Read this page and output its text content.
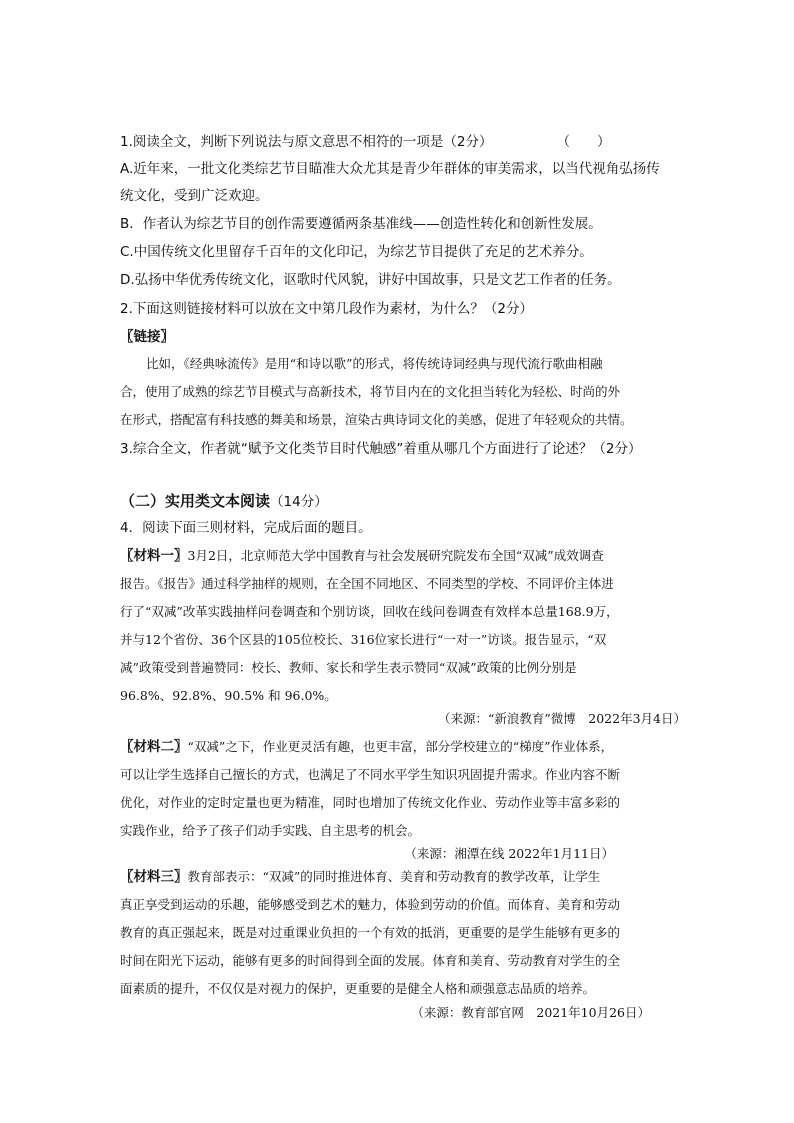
1.阅读全文，判断下列说法与原文意思不相符的一项是（2分）	（　　）
A.近年来，一批文化类综艺节目瞄准大众尤其是青少年群体的审美需求，以当代视角弘扬传
统文化，受到广泛欢迎。
B．作者认为综艺节目的创作需要遵循两条基准线——创造性转化和创新性发展。
C.中国传统文化里留存千百年的文化印记，为综艺节目提供了充足的艺术养分。
D.弘扬中华优秀传统文化，讴歌时代风貌，讲好中国故事，只是文艺工作者的任务。
2.下面这则链接材料可以放在文中第几段作为素材，为什么？（2分）
〖链接〗
比如，《经典咏流传》是用“和诗以歌”的形式，将传统诗词经典与现代流行歌曲相融
合，使用了成熟的综艺节目模式与高新技术，将节目内在的文化担当转化为轻松、时尚的外
在形式，搭配富有科技感的舞美和场景，渲染古典诗词文化的美感，促进了年轻观众的共情。
3.综合全文，作者就“赋予文化类节目时代触感”着重从哪几个方面进行了论述？（2分）
（二）实用类文本阅读（14分）
4．阅读下面三则材料，完成后面的题目。
〖材料一〗3月2日，北京师范大学中国教育与社会发展研究院发布全国“双减”成效调查
报告。《报告》通过科学抽样的规则，在全国不同地区、不同类型的学校、不同评价主体进
行了“双减”改革实践抽样问卷调查和个别访谈，回收在线问卷调查有效样本总量168.9万，
并与12个省份、36个区县的105位校长、316位家长进行“一对一”访谈。报告显示，“双
减”政策受到普遍赞同：校长、教师、家长和学生表示赞同“双减”政策的比例分别是
96.8%、92.8%、90.5% 和 96.0%。
（来源：“新浪教育”微博　2022年3月4日）
〖材料二〗“双减”之下，作业更灵活有趣，也更丰富，部分学校建立的“梯度”作业体系，
可以让学生选择自己擅长的方式，也满足了不同水平学生知识巩固提升需求。作业内容不断
优化，对作业的定时定量也更为精准，同时也增加了传统文化作业、劳动作业等丰富多彩的
实践作业，给予了孩子们动手实践、自主思考的机会。
（来源：湘潭在线 2022年1月11日）
〖材料三〗教育部表示：“双减”的同时推进体育、美育和劳动教育的教学改革，让学生
真正享受到运动的乐趣，能够感受到艺术的魅力，体验到劳动的价值。而体育、美育和劳动
教育的真正强起来，既是对过重课业负担的一个有效的抵消，更重要的是学生能够有更多的
时间在阳光下运动，能够有更多的时间得到全面的发展。体育和美育、劳动教育对学生的全
面素质的提升，不仅仅是对视力的保护，更重要的是健全人格和顽强意志品质的培养。
（来源：教育部官网　2021年10月26日）
